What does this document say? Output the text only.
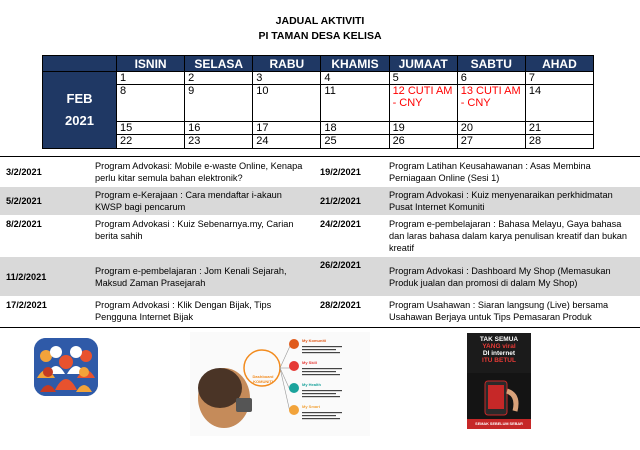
JADUAL AKTIVITI
PI TAMAN DESA KELISA
	ISNIN	SELASA	RABU	KHAMIS	JUMAAT	SABTU	AHAD

FEB
2021	1	2	3	4	5	6	7
	8	9	10	11	12 CUTI AM - CNY	13 CUTI AM - CNY	14
	15	16	17	18	19	20	21
	22	23	24	25	26	27	28
3/2/2021	Program Advokasi: Mobile e-waste Online, Kenapa perlu kitar semula bahan elektronik?	19/2/2021	Program Latihan Keusahawanan : Asas Membina Perniagaan Online (Sesi 1)
5/2/2021	Program e-Kerajaan : Cara mendaftar i-akaun KWSP bagi pencarum	21/2/2021	Program Advokasi : Kuiz menyenaraikan perkhidmatan Pusat Internet Komuniti
8/2/2021	Program Advokasi : Kuiz Sebenarnya.my, Carian berita sahih	24/2/2021	Program e-pembelajaran : Bahasa Melayu, Gaya bahasa dan laras bahasa dalam karya penulisan kreatif dan bukan kreatif
11/2/2021	Program e-pembelajaran : Jom Kenali Sejarah, Maksud Zaman Prasejarah	26/2/2021	Program Advokasi : Dashboard My Shop (Memasukan Produk jualan dan promosi di dalam My Shop)
17/2/2021	Program Advokasi : Klik Dengan Bijak, Tips Pengguna Internet Bijak	28/2/2021	Program Usahawan : Siaran langsung (Live) bersama Usahawan Berjaya untuk Tips Pemasaran Produk
Dashboard KOMUNITI
My Komuniti
My Skill
My Health
My Smart
TAK SEMUA
YANG viral
DI internet
ITU BETUL
SEMAK SEBELUM SEBAR
